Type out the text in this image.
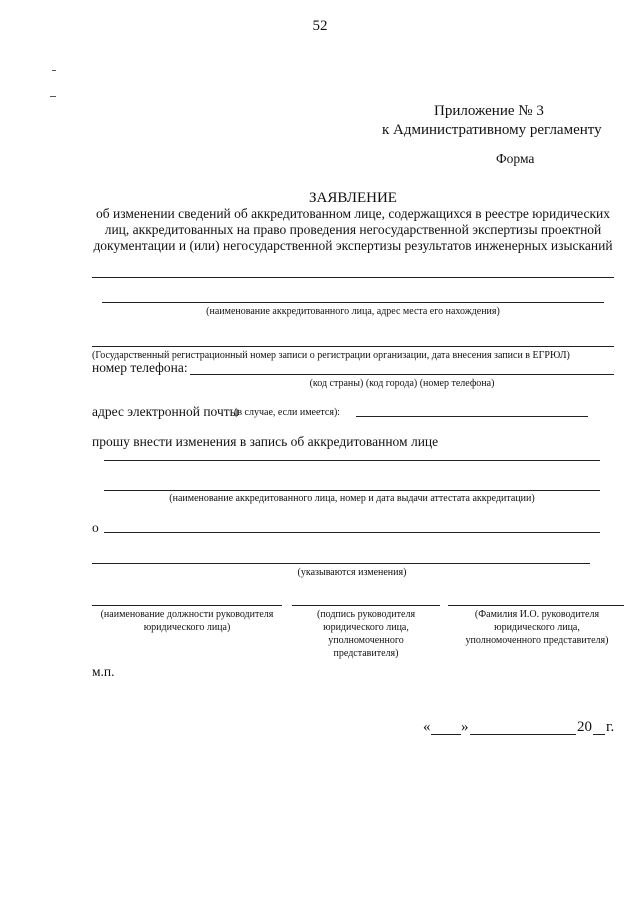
52
Приложение № 3
к Административному регламенту
Форма
ЗАЯВЛЕНИЕ
об изменении сведений об аккредитованном лице, содержащихся в реестре юридических
лиц, аккредитованных на право проведения негосударственной экспертизы проектной
документации и (или) негосударственной экспертизы результатов инженерных изысканий
(наименование аккредитованного лица, адрес места его нахождения)
(Государственный регистрационный номер записи о регистрации организации, дата внесения записи в ЕГРЮЛ)
номер телефона:
(код страны) (код города) (номер телефона)
адрес электронной почты
(в случае, если имеется):
прошу внести изменения в запись об аккредитованном лице
(наименование аккредитованного лица, номер и дата выдачи аттестата аккредитации)
о
(указываются изменения)
(наименование должности руководителя
юридического лица)
(подпись руководителя
юридического лица,
уполномоченного
представителя)
(Фамилия И.О. руководителя
юридического лица,
уполномоченного представителя)
м.п.
« »	20 г.
